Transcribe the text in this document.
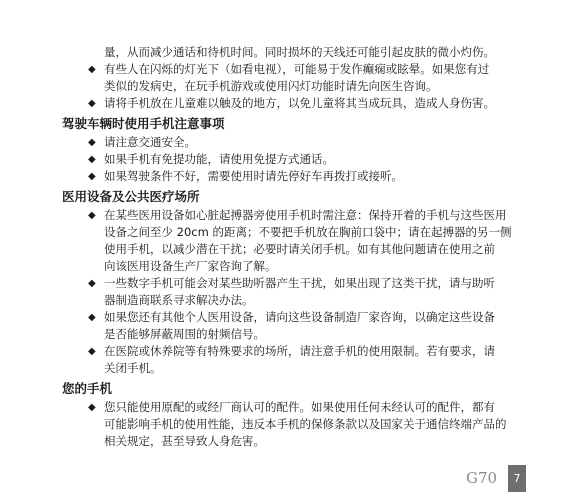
量，从而减少通话和待机时间。同时损坏的天线还可能引起皮肤的微小灼伤。

◆ 有些人在闪烁的灯光下（如看电视），可能易于发作癫痫或眩晕。如果您有过

类似的发病史，在玩手机游戏或使用闪灯功能时请先向医生咨询。

◆ 请将手机放在儿童难以触及的地方，以免儿童将其当成玩具，造成人身伤害。

驾驶车辆时使用手机注意事项
◆ 请注意交通安全。

◆ 如果手机有免提功能，请使用免提方式通话。

◆ 如果驾驶条件不好，需要使用时请先停好车再拨打或接听。

医用设备及公共医疗场所
◆ 在某些医用设备如心脏起搏器旁使用手机时需注意：保持开着的手机与这些医用

设备之间至少 20cm 的距离；不要把手机放在胸前口袋中；请在起搏器的另一侧

使用手机，以减少潜在干扰；必要时请关闭手机。如有其他问题请在使用之前

向该医用设备生产厂家咨询了解。

◆ 一些数字手机可能会对某些助听器产生干扰，如果出现了这类干扰，请与助听

器制造商联系寻求解决办法。

◆ 如果您还有其他个人医用设备，请向这些设备制造厂家咨询，以确定这些设备

是否能够屏蔽周围的射频信号。

◆ 在医院或休养院等有特殊要求的场所，请注意手机的使用限制。若有要求，请

关闭手机。

您的手机
◆ 您只能使用原配的或经厂商认可的配件。如果使用任何未经认可的配件，都有

可能影响手机的使用性能，违反本手机的保修条款以及国家关于通信终端产品的

相关规定，甚至导致人身危害。

G70	7
